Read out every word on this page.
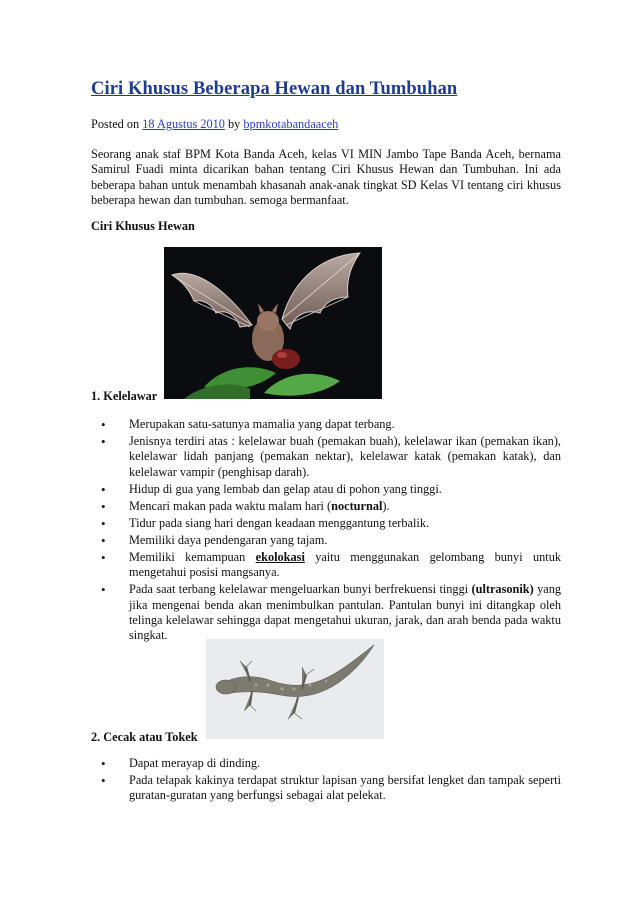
Ciri Khusus Beberapa Hewan dan Tumbuhan
Posted on 18 Agustus 2010 by bpmkotabandaaceh
Seorang anak staf BPM Kota Banda Aceh, kelas VI MIN Jambo Tape Banda Aceh, bernama Samirul Fuadi minta dicarikan bahan tentang Ciri Khusus Hewan dan Tumbuhan. Ini ada beberapa bahan untuk menambah khasanah anak-anak tingkat SD Kelas VI tentang ciri khusus beberapa hewan dan tumbuhan. semoga bermanfaat.
Ciri Khusus Hewan
1. Kelelawar
• Merupakan satu-satunya mamalia yang dapat terbang.
• Jenisnya terdiri atas : kelelawar buah (pemakan buah), kelelawar ikan (pemakan ikan), kelelawar lidah panjang (pemakan nektar), kelelawar katak (pemakan katak), dan kelelawar vampir (penghisap darah).
• Hidup di gua yang lembab dan gelap atau di pohon yang tinggi.
• Mencari makan pada waktu malam hari (nocturnal).
• Tidur pada siang hari dengan keadaan menggantung terbalik.
• Memiliki daya pendengaran yang tajam.
• Memiliki kemampuan ekolokasi yaitu menggunakan gelombang bunyi untuk mengetahui posisi mangsanya.
• Pada saat terbang kelelawar mengeluarkan bunyi berfrekuensi tinggi (ultrasonik) yang jika mengenai benda akan menimbulkan pantulan. Pantulan bunyi ini ditangkap oleh telinga kelelawar sehingga dapat mengetahui ukuran, jarak, dan arah benda pada waktu singkat.
2. Cecak atau Tokek
• Dapat merayap di dinding.
• Pada telapak kakinya terdapat struktur lapisan yang bersifat lengket dan tampak seperti guratan-guratan yang berfungsi sebagai alat pelekat.
